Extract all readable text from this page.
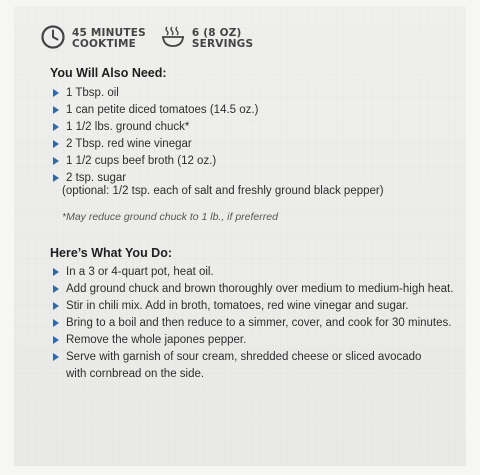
45 MINUTES
COOKTIME
6 (8 OZ)
SERVINGS
You Will Also Need:
1 Tbsp. oil
1 can petite diced tomatoes (14.5 oz.)
1 1/2 lbs. ground chuck*
2 Tbsp. red wine vinegar
1 1/2 cups beef broth (12 oz.)
2 tsp. sugar
(optional: 1/2 tsp. each of salt and freshly ground black pepper)
*May reduce ground chuck to 1 lb., if preferred
Here’s What You Do:
In a 3 or 4-quart pot, heat oil.
Add ground chuck and brown thoroughly over medium to medium-high heat.
Stir in chili mix. Add in broth, tomatoes, red wine vinegar and sugar.
Bring to a boil and then reduce to a simmer, cover, and cook for 30 minutes.
Remove the whole japones pepper.
Serve with garnish of sour cream, shredded cheese or sliced avocado with cornbread on the side.
